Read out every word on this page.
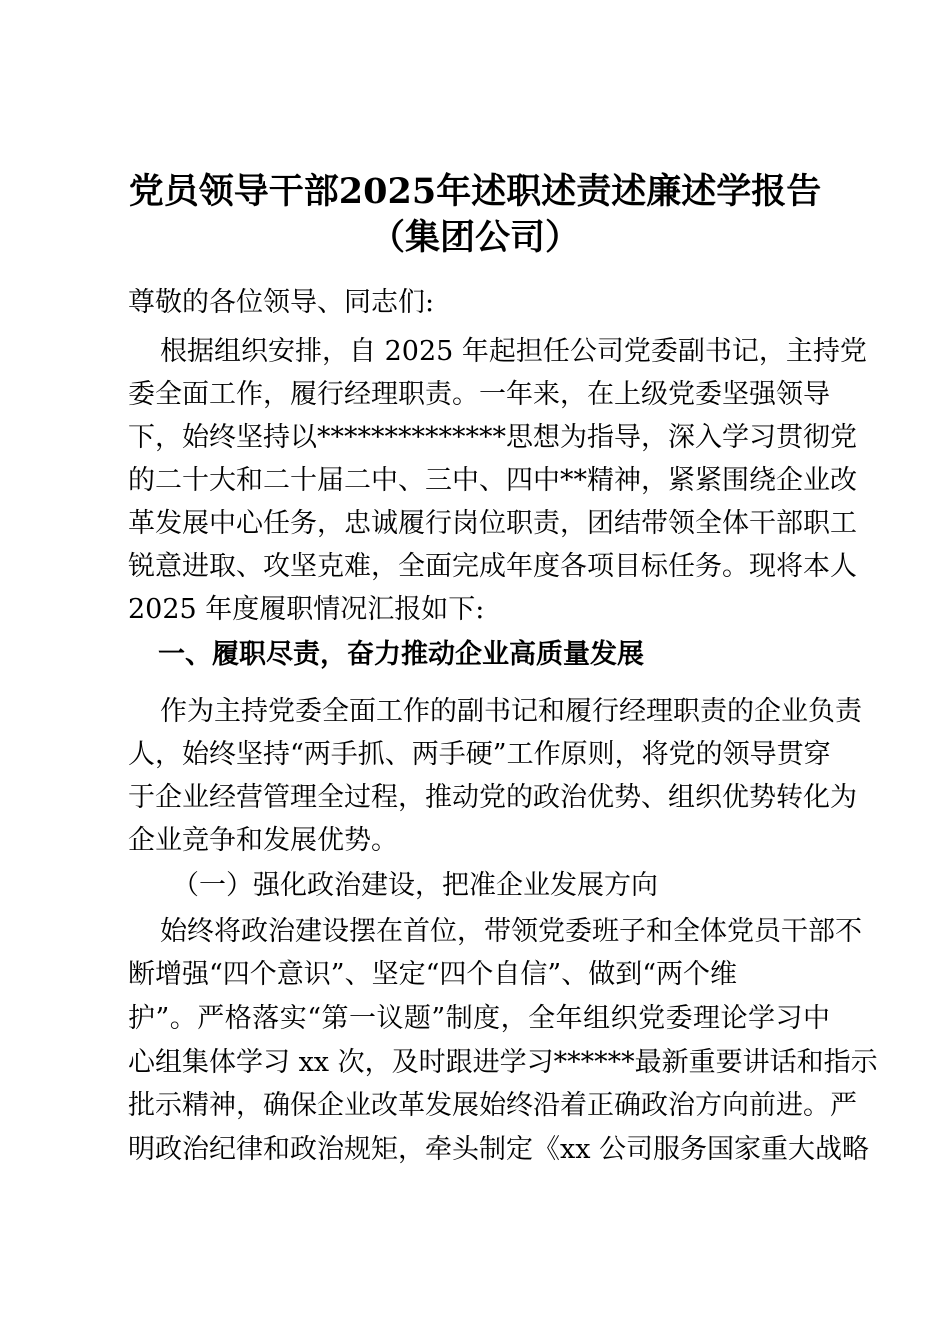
党员领导干部2025年述职述责述廉述学报告
（集团公司）
尊敬的各位领导、同志们:
根据组织安排，自 2025 年起担任公司党委副书记，主持党
委全面工作，履行经理职责。一年来，在上级党委坚强领导
下，始终坚持以**************思想为指导，深入学习贯彻党
的二十大和二十届二中、三中、四中**精神，紧紧围绕企业改
革发展中心任务，忠诚履行岗位职责，团结带领全体干部职工
锐意进取、攻坚克难，全面完成年度各项目标任务。现将本人
2025 年度履职情况汇报如下:
一、履职尽责，奋力推动企业高质量发展
作为主持党委全面工作的副书记和履行经理职责的企业负责
人，始终坚持“两手抓、两手硬”工作原则，将党的领导贯穿
于企业经营管理全过程，推动党的政治优势、组织优势转化为
企业竞争和发展优势。
（一）强化政治建设，把准企业发展方向
始终将政治建设摆在首位，带领党委班子和全体党员干部不
断增强“四个意识”、坚定“四个自信”、做到“两个维
护”。严格落实“第一议题”制度，全年组织党委理论学习中
心组集体学习 xx 次，及时跟进学习******最新重要讲话和指示
批示精神，确保企业改革发展始终沿着正确政治方向前进。严
明政治纪律和政治规矩，牵头制定《xx 公司服务国家重大战略
